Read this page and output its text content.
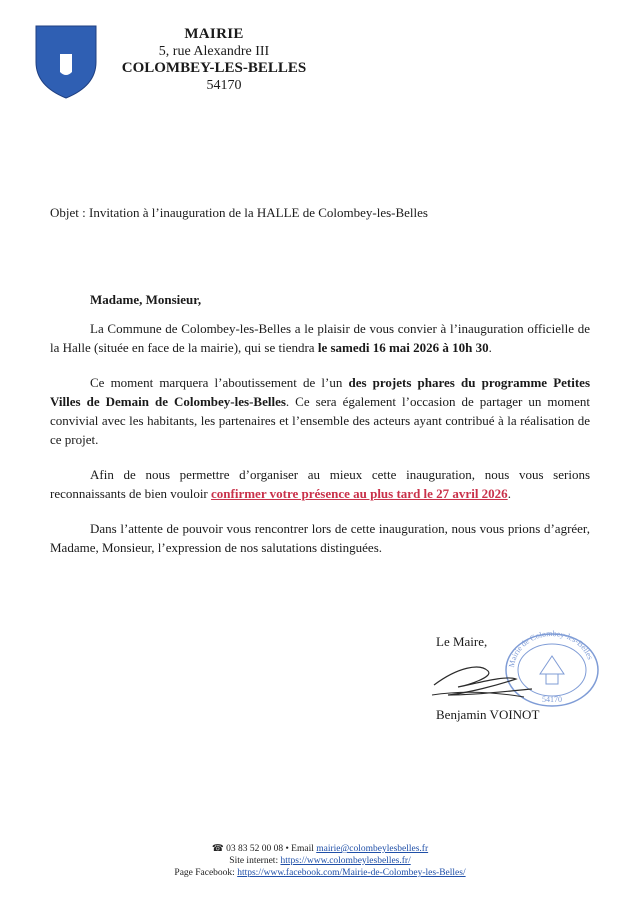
MAIRIE
5, rue Alexandre III
COLOMBEY-LES-BELLES
54170
Objet : Invitation à l’inauguration de la HALLE de Colombey-les-Belles

Madame, Monsieur,

La Commune de Colombey-les-Belles a le plaisir de vous convier à l’inauguration officielle de la Halle (située en face de la mairie), qui se tiendra le samedi 16 mai 2026 à 10h 30.

Ce moment marquera l’aboutissement de l’un des projets phares du programme Petites Villes de Demain de Colombey-les-Belles. Ce sera également l’occasion de partager un moment convivial avec les habitants, les partenaires et l’ensemble des acteurs ayant contribué à la réalisation de ce projet.

Afin de nous permettre d’organiser au mieux cette inauguration, nous vous serions reconnaissants de bien vouloir confirmer votre présence au plus tard le 27 avril 2026.

Dans l’attente de pouvoir vous rencontrer lors de cette inauguration, nous vous prions d’agréer, Madame, Monsieur, l’expression de nos salutations distinguées.

Le Maire,
Mairie de Colombey-les-Belles
54170
Benjamin VOINOT
☎ 03 83 52 00 08 • Email mairie@colombeylesbelles.fr
Site internet: https://www.colombeylesbelles.fr/
Page Facebook: https://www.facebook.com/Mairie-de-Colombey-les-Belles/
